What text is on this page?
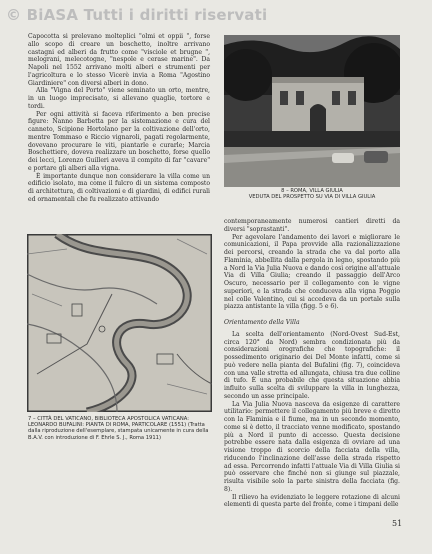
© BiASA Tutti i diritti riservati

Capocotta si prelevano molteplici "olmi et oppii ", forse allo scopo di creare un boschetto, inoltre arrivano castagni ed alberi da frutto come "visciole et brugne ", melograni, melecotogne, "nespole e cerase marine". Da Napoli nel 1552 arrivano molti alberi e strumenti per l'agricoltura e lo stesso Vicerè invia a Roma "Agostino Giardiniere" con diversi alberi in dono.

Alla "Vigna del Porto" viene seminato un orto, mentre, in un luogo imprecisato, si allevano quaglie, tortore e tordi.

Per ogni attività si faceva riferimento a ben precise figure: Nanno Barbetta per la sistemazione e cura del canneto, Scipione Hortolano per la coltivazione dell'orto, mentre Tommaso e Riccio vignaroli, pagati regolarmente, dovevano procurare le viti, piantarle e curarle; Marcia Boschettiere, doveva realizzare un boschetto, forse quello dei lecci, Lorenzo Guilleri aveva il compito di far "cavare" e portare gli alberi alla vigna.

È importante dunque non considerare la villa come un edificio isolato, ma come il fulcro di un sistema composto di architettura, di coltivazioni e di giardini, di edifici rurali ed ornamentali che fu realizzato attivando

8 – ROMA, VILLA GIULIA
VEDUTA DEL PROSPETTO SU VIA DI VILLA GIULIA

contemporaneamente numerosi cantieri diretti da diversi "soprastanti".

Per agevolare l'andamento dei lavori e migliorare le comunicazioni, il Papa provvide alla razionalizzazione dei percorsi, creando la strada che va dal porto alla Flaminia, abbellita dalla pergola in legno, spostando più a Nord la Via Julia Nuova e dando così origine all'attuale Via di Villa Giulia; creando il passaggio dell'Arco Oscuro, necessario per il collegamento con le vigne superiori, e la strada che conduceva alla vigna Poggio nel colle Valentino, cui si accedeva da un portale sulla piazza antistante la villa (figg. 5 e 6).

Orientamento della Villa

La scelta dell'orientamento (Nord-Ovest Sud-Est, circa 120° da Nord) sembra condizionata più da considerazioni orografiche che topografiche: il possedimento originario dei Del Monte infatti, come si può vedere nella pianta del Bufalini (fig. 7), coincideva con una valle stretta ed allungata, chiusa tra due colline di tufo. È una probabile che questa situazione abbia influito sulla scelta di sviluppare la villa in lunghezza, secondo un asse principale.

La Via Julia Nuova nasceva da esigenze di carattere utilitario: permettere il collegamento più breve e diretto con la Flaminia e il fiume, ma in un secondo momento, come si è detto, il tracciato venne modificato, spostando più a Nord il punto di accesso. Questa decisione potrebbe essere nata dalla esigenza di ovviare ad una visione troppo di scorcio della facciata della villa, riducendo l'inclinazione dell'asse della strada rispetto ad essa. Percorrendo infatti l'attuale Via di Villa Giulia si può osservare che finché non si giunge sul piazzale, risulta visibile solo la parte sinistra della facciata (fig. 8).

Il rilievo ha evidenziato le leggere rotazione di alcuni elementi di questa parte del fronte, come i timpani delle

7 – CITTÀ DEL VATICANO, BIBLIOTECA APOSTOLICA VATICANA: LEONARDO BUFALINI: PIANTA DI ROMA, PARTICOLARE (1551) (Tratta dalla riproduzione dell'esemplare, stampata unicamente in cura della B.A.V. con introduzione di F. Ehrle S. J., Roma 1911)
51
